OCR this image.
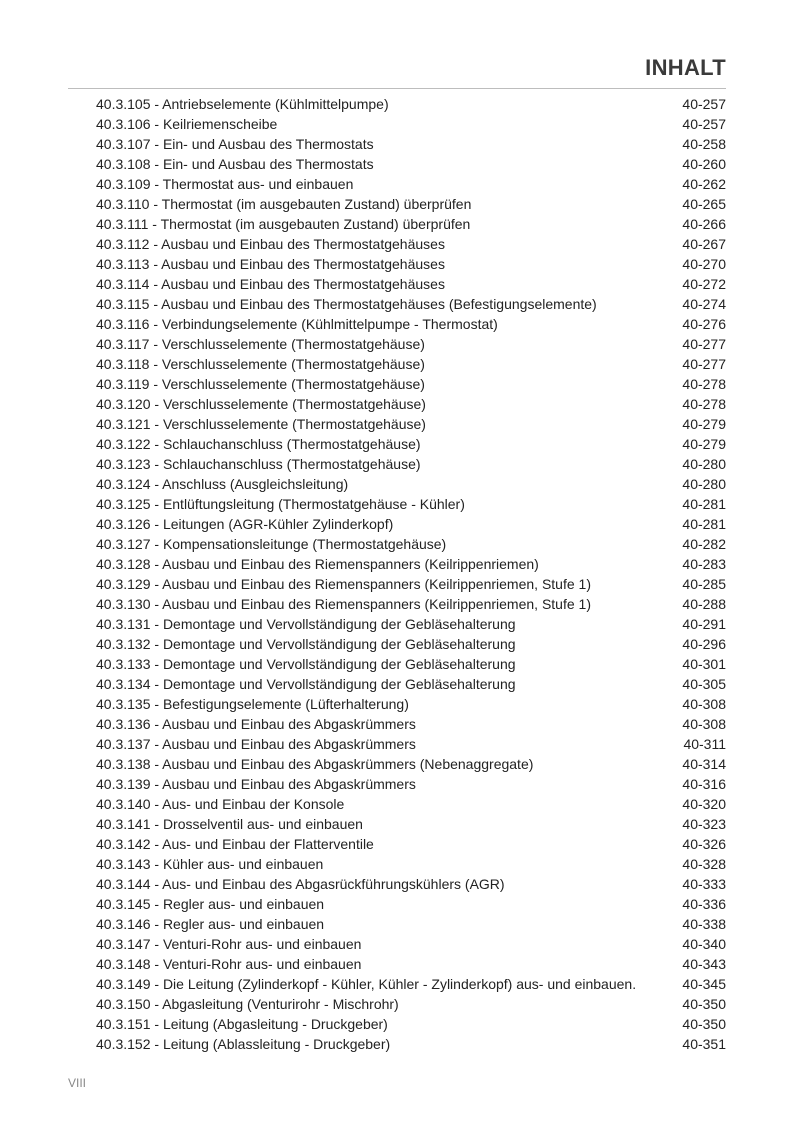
INHALT
40.3.105 - Antriebselemente (Kühlmittelpumpe)	40-257
40.3.106 - Keilriemenscheibe	40-257
40.3.107 - Ein- und Ausbau des Thermostats	40-258
40.3.108 - Ein- und Ausbau des Thermostats	40-260
40.3.109 - Thermostat aus- und einbauen	40-262
40.3.110 - Thermostat (im ausgebauten Zustand) überprüfen	40-265
40.3.111 - Thermostat (im ausgebauten Zustand) überprüfen	40-266
40.3.112 - Ausbau und Einbau des Thermostatgehäuses	40-267
40.3.113 - Ausbau und Einbau des Thermostatgehäuses	40-270
40.3.114 - Ausbau und Einbau des Thermostatgehäuses	40-272
40.3.115 - Ausbau und Einbau des Thermostatgehäuses (Befestigungselemente)	40-274
40.3.116 - Verbindungselemente (Kühlmittelpumpe - Thermostat)	40-276
40.3.117 - Verschlusselemente (Thermostatgehäuse)	40-277
40.3.118 - Verschlusselemente (Thermostatgehäuse)	40-277
40.3.119 - Verschlusselemente (Thermostatgehäuse)	40-278
40.3.120 - Verschlusselemente (Thermostatgehäuse)	40-278
40.3.121 - Verschlusselemente (Thermostatgehäuse)	40-279
40.3.122 - Schlauchanschluss (Thermostatgehäuse)	40-279
40.3.123 - Schlauchanschluss (Thermostatgehäuse)	40-280
40.3.124 - Anschluss (Ausgleichsleitung)	40-280
40.3.125 - Entlüftungsleitung (Thermostatgehäuse - Kühler)	40-281
40.3.126 - Leitungen (AGR-Kühler Zylinderkopf)	40-281
40.3.127 - Kompensationsleitunge (Thermostatgehäuse)	40-282
40.3.128 - Ausbau und Einbau des Riemenspanners (Keilrippenriemen)	40-283
40.3.129 - Ausbau und Einbau des Riemenspanners (Keilrippenriemen, Stufe 1)	40-285
40.3.130 - Ausbau und Einbau des Riemenspanners (Keilrippenriemen, Stufe 1)	40-288
40.3.131 - Demontage und Vervollständigung der Gebläsehalterung	40-291
40.3.132 - Demontage und Vervollständigung der Gebläsehalterung	40-296
40.3.133 - Demontage und Vervollständigung der Gebläsehalterung	40-301
40.3.134 - Demontage und Vervollständigung der Gebläsehalterung	40-305
40.3.135 - Befestigungselemente (Lüfterhalterung)	40-308
40.3.136 - Ausbau und Einbau des Abgaskrümmers	40-308
40.3.137 - Ausbau und Einbau des Abgaskrümmers	40-311
40.3.138 - Ausbau und Einbau des Abgaskrümmers (Nebenaggregate)	40-314
40.3.139 - Ausbau und Einbau des Abgaskrümmers	40-316
40.3.140 - Aus- und Einbau der Konsole	40-320
40.3.141 - Drosselventil aus- und einbauen	40-323
40.3.142 - Aus- und Einbau der Flatterventile	40-326
40.3.143 - Kühler aus- und einbauen	40-328
40.3.144 - Aus- und Einbau des Abgasrückführungskühlers (AGR)	40-333
40.3.145 - Regler aus- und einbauen	40-336
40.3.146 - Regler aus- und einbauen	40-338
40.3.147 - Venturi-Rohr aus- und einbauen	40-340
40.3.148 - Venturi-Rohr aus- und einbauen	40-343
40.3.149 - Die Leitung (Zylinderkopf - Kühler, Kühler - Zylinderkopf) aus- und einbauen.	40-345
40.3.150 - Abgasleitung (Venturirohr - Mischrohr)	40-350
40.3.151 - Leitung (Abgasleitung - Druckgeber)	40-350
40.3.152 - Leitung (Ablassleitung - Druckgeber)	40-351
VIII
